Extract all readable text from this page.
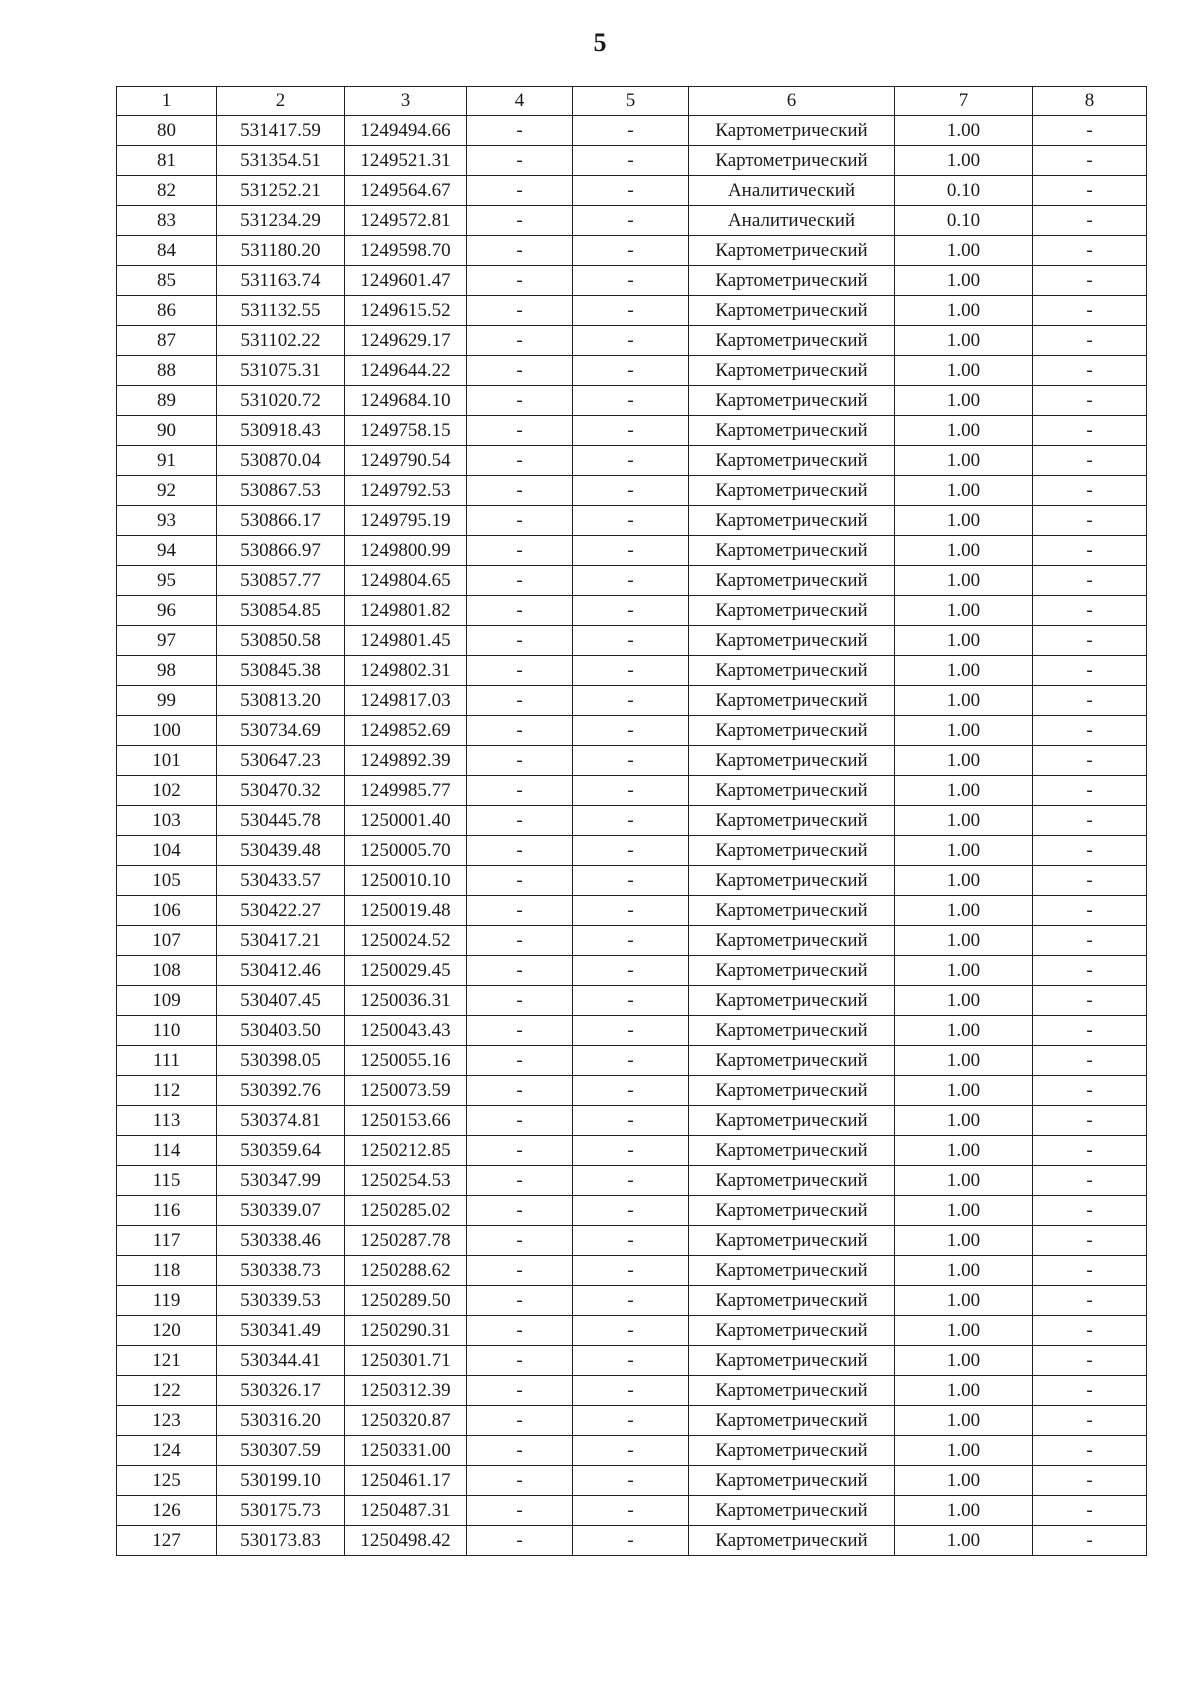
5
1	2	3	4	5	6	7	8
80	531417.59	1249494.66	-	-	Картометрический	1.00	-
81	531354.51	1249521.31	-	-	Картометрический	1.00	-
82	531252.21	1249564.67	-	-	Аналитический	0.10	-
83	531234.29	1249572.81	-	-	Аналитический	0.10	-
84	531180.20	1249598.70	-	-	Картометрический	1.00	-
85	531163.74	1249601.47	-	-	Картометрический	1.00	-
86	531132.55	1249615.52	-	-	Картометрический	1.00	-
87	531102.22	1249629.17	-	-	Картометрический	1.00	-
88	531075.31	1249644.22	-	-	Картометрический	1.00	-
89	531020.72	1249684.10	-	-	Картометрический	1.00	-
90	530918.43	1249758.15	-	-	Картометрический	1.00	-
91	530870.04	1249790.54	-	-	Картометрический	1.00	-
92	530867.53	1249792.53	-	-	Картометрический	1.00	-
93	530866.17	1249795.19	-	-	Картометрический	1.00	-
94	530866.97	1249800.99	-	-	Картометрический	1.00	-
95	530857.77	1249804.65	-	-	Картометрический	1.00	-
96	530854.85	1249801.82	-	-	Картометрический	1.00	-
97	530850.58	1249801.45	-	-	Картометрический	1.00	-
98	530845.38	1249802.31	-	-	Картометрический	1.00	-
99	530813.20	1249817.03	-	-	Картометрический	1.00	-
100	530734.69	1249852.69	-	-	Картометрический	1.00	-
101	530647.23	1249892.39	-	-	Картометрический	1.00	-
102	530470.32	1249985.77	-	-	Картометрический	1.00	-
103	530445.78	1250001.40	-	-	Картометрический	1.00	-
104	530439.48	1250005.70	-	-	Картометрический	1.00	-
105	530433.57	1250010.10	-	-	Картометрический	1.00	-
106	530422.27	1250019.48	-	-	Картометрический	1.00	-
107	530417.21	1250024.52	-	-	Картометрический	1.00	-
108	530412.46	1250029.45	-	-	Картометрический	1.00	-
109	530407.45	1250036.31	-	-	Картометрический	1.00	-
110	530403.50	1250043.43	-	-	Картометрический	1.00	-
111	530398.05	1250055.16	-	-	Картометрический	1.00	-
112	530392.76	1250073.59	-	-	Картометрический	1.00	-
113	530374.81	1250153.66	-	-	Картометрический	1.00	-
114	530359.64	1250212.85	-	-	Картометрический	1.00	-
115	530347.99	1250254.53	-	-	Картометрический	1.00	-
116	530339.07	1250285.02	-	-	Картометрический	1.00	-
117	530338.46	1250287.78	-	-	Картометрический	1.00	-
118	530338.73	1250288.62	-	-	Картометрический	1.00	-
119	530339.53	1250289.50	-	-	Картометрический	1.00	-
120	530341.49	1250290.31	-	-	Картометрический	1.00	-
121	530344.41	1250301.71	-	-	Картометрический	1.00	-
122	530326.17	1250312.39	-	-	Картометрический	1.00	-
123	530316.20	1250320.87	-	-	Картометрический	1.00	-
124	530307.59	1250331.00	-	-	Картометрический	1.00	-
125	530199.10	1250461.17	-	-	Картометрический	1.00	-
126	530175.73	1250487.31	-	-	Картометрический	1.00	-
127	530173.83	1250498.42	-	-	Картометрический	1.00	-
